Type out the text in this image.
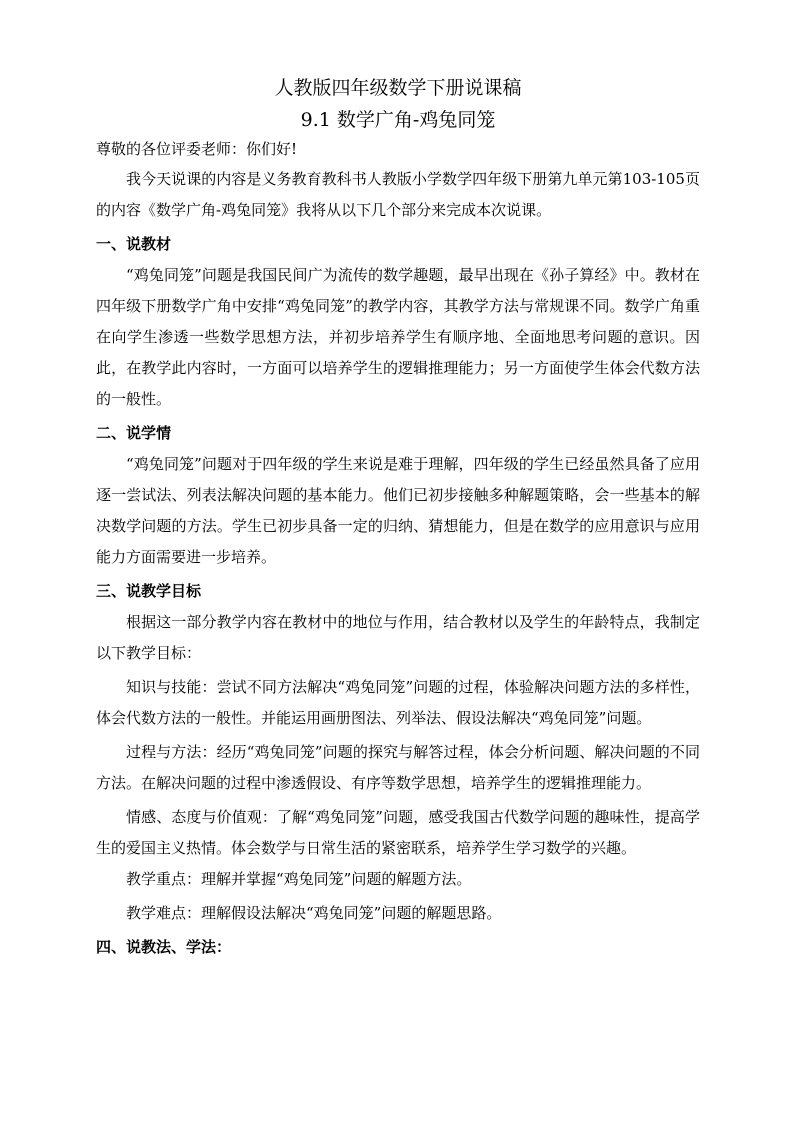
人教版四年级数学下册说课稿
9.1 数学广角-鸡兔同笼

尊敬的各位评委老师：你们好!

我今天说课的内容是义务教育教科书人教版小学数学四年级下册第九单元第103-105页的内容《数学广角-鸡兔同笼》我将从以下几个部分来完成本次说课。

一、说教材

“鸡兔同笼”问题是我国民间广为流传的数学趣题，最早出现在《孙子算经》中。教材在四年级下册数学广角中安排“鸡兔同笼”的教学内容，其教学方法与常规课不同。数学广角重在向学生渗透一些数学思想方法，并初步培养学生有顺序地、全面地思考问题的意识。因此，在教学此内容时，一方面可以培养学生的逻辑推理能力；另一方面使学生体会代数方法的一般性。

二、说学情

“鸡兔同笼”问题对于四年级的学生来说是难于理解，四年级的学生已经虽然具备了应用逐一尝试法、列表法解决问题的基本能力。他们已初步接触多种解题策略，会一些基本的解决数学问题的方法。学生已初步具备一定的归纳、猜想能力，但是在数学的应用意识与应用能力方面需要进一步培养。

三、说教学目标

根据这一部分教学内容在教材中的地位与作用，结合教材以及学生的年龄特点，我制定以下教学目标：

知识与技能：尝试不同方法解决“鸡兔同笼”问题的过程，体验解决问题方法的多样性，体会代数方法的一般性。并能运用画册图法、列举法、假设法解决“鸡兔同笼”问题。

过程与方法：经历“鸡兔同笼”问题的探究与解答过程，体会分析问题、解决问题的不同方法。在解决问题的过程中渗透假设、有序等数学思想，培养学生的逻辑推理能力。

情感、态度与价值观：了解“鸡兔同笼”问题，感受我国古代数学问题的趣味性，提高学生的爱国主义热情。体会数学与日常生活的紧密联系，培养学生学习数学的兴趣。

教学重点：理解并掌握“鸡兔同笼”问题的解题方法。

教学难点：理解假设法解决“鸡兔同笼”问题的解题思路。

四、说教法、学法：
